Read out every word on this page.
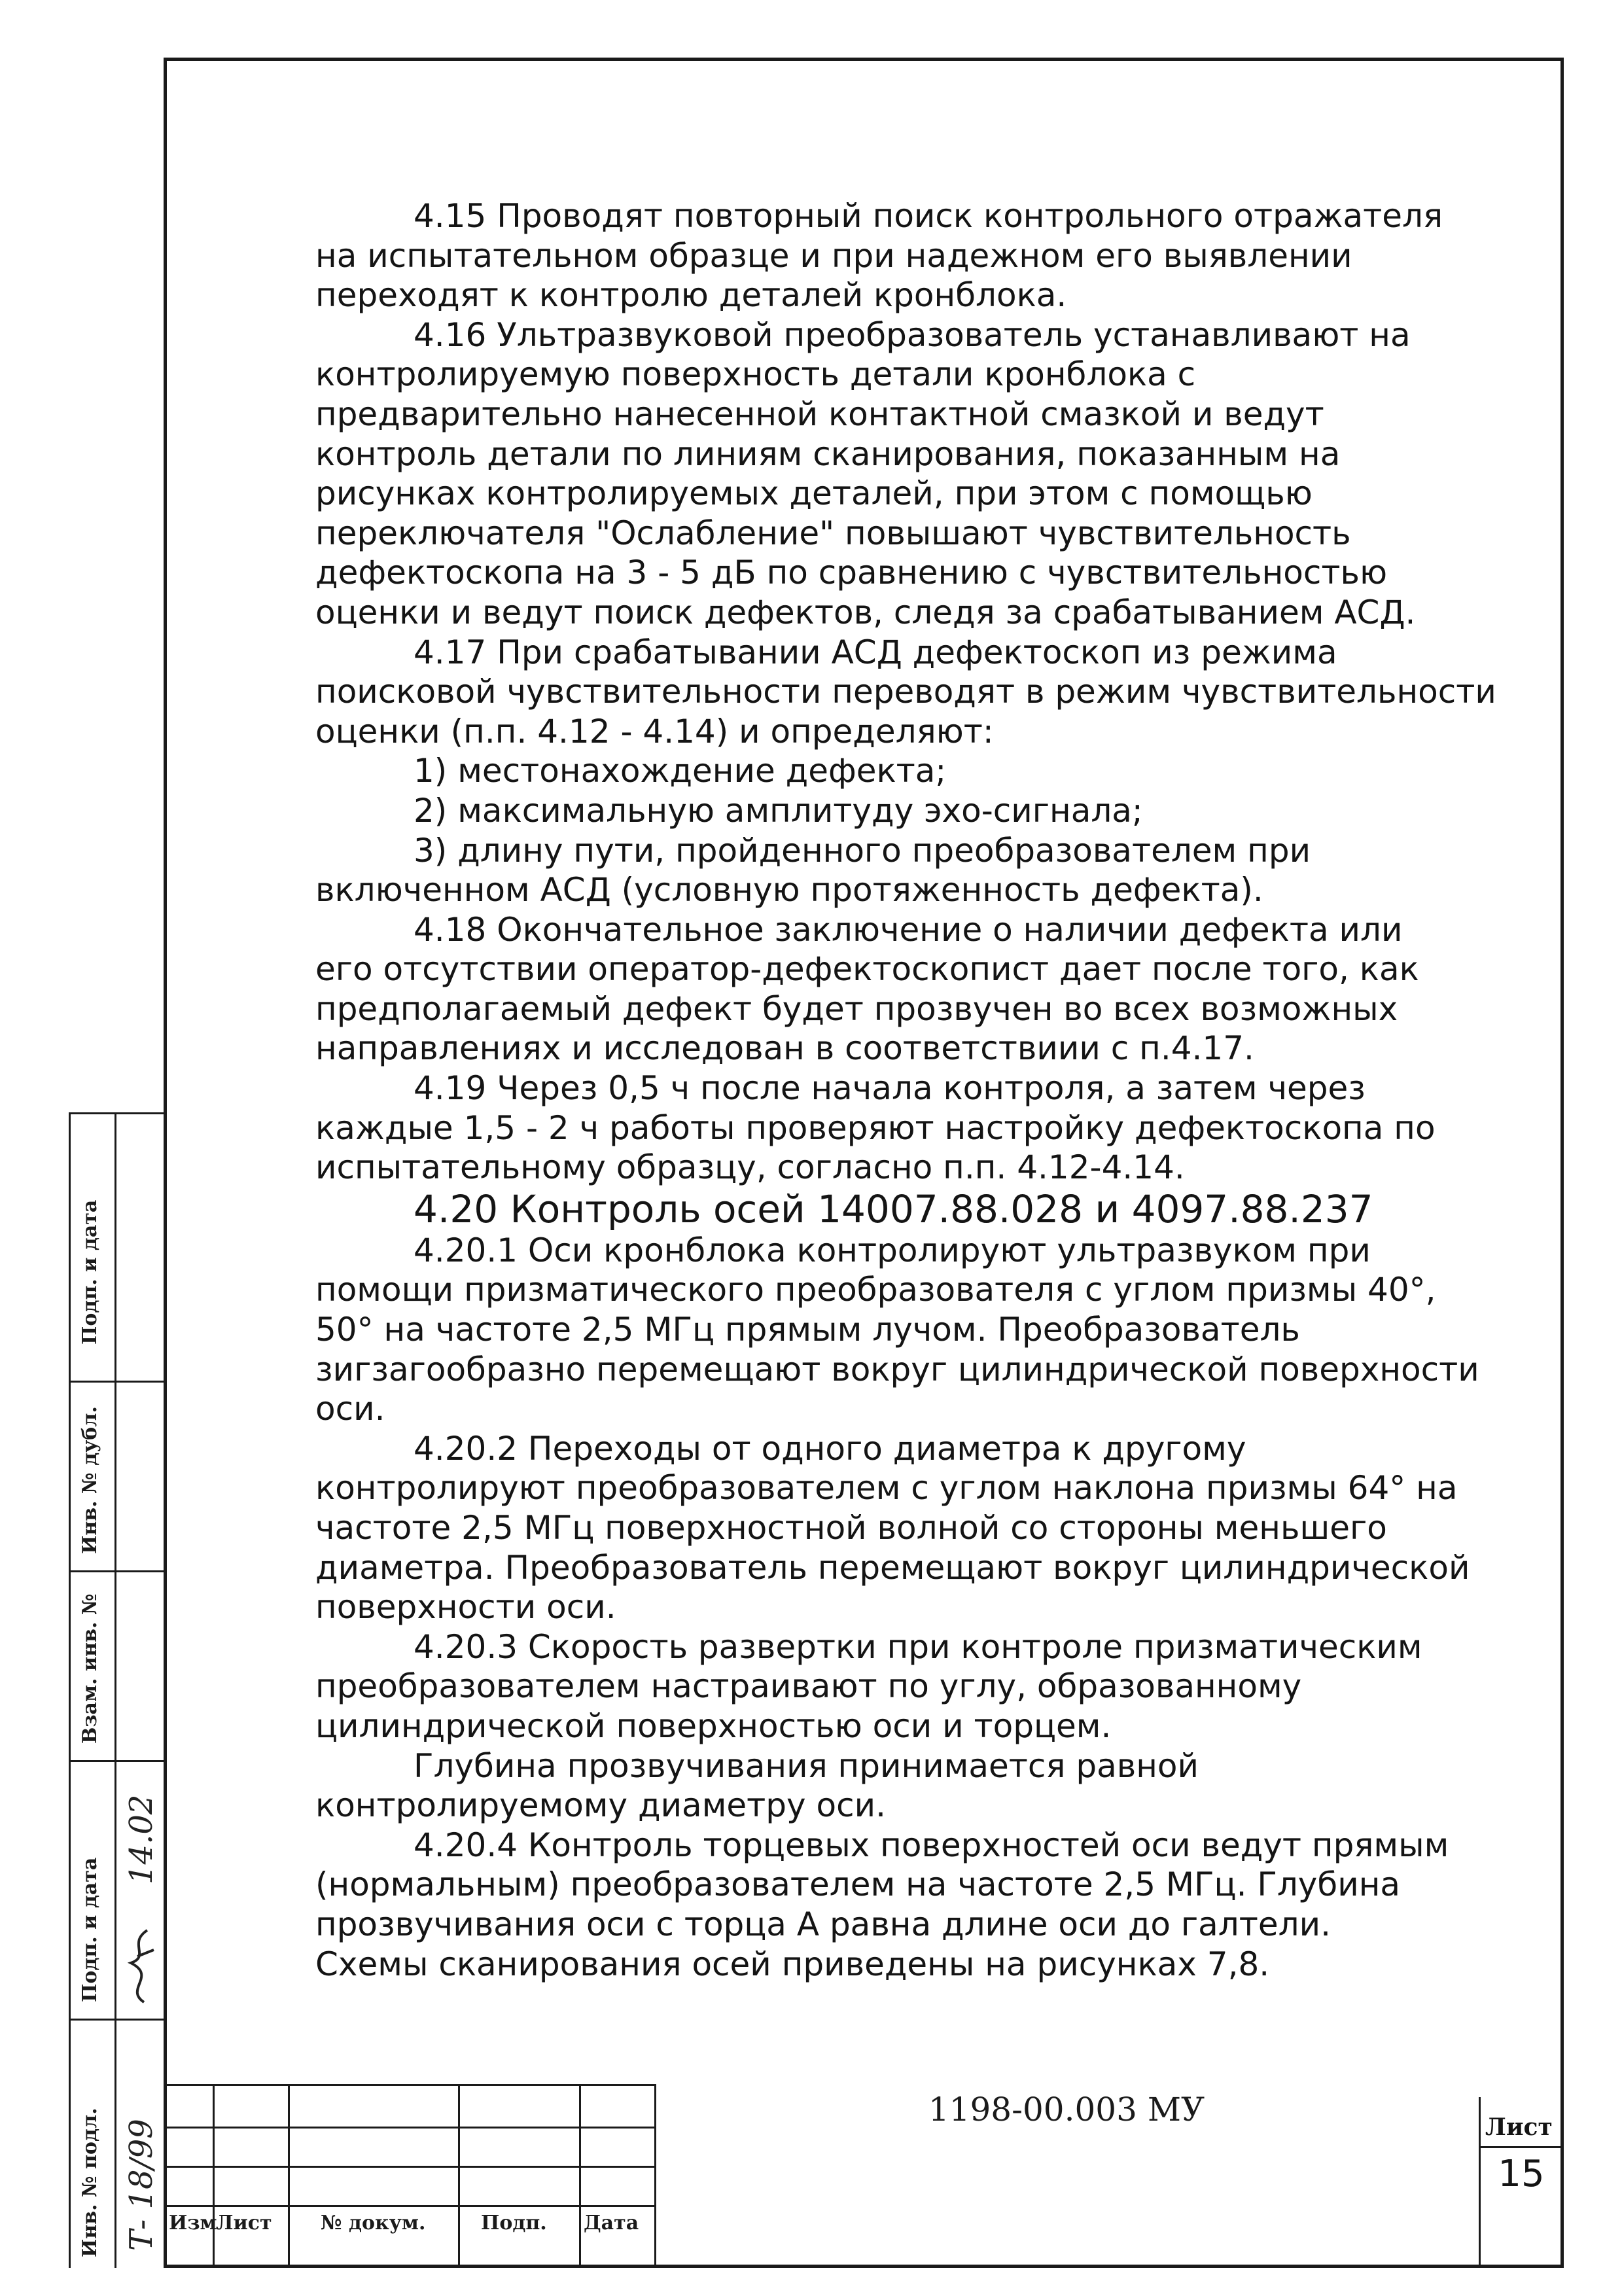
4.15 Проводят повторный поиск контрольного отражателя

на испытательном образце и при надежном его выявлении

переходят к контролю деталей кронблока.

4.16 Ультразвуковой преобразователь устанавливают на

контролируемую поверхность детали кронблока с

предварительно нанесенной контактной смазкой и ведут

контроль детали по линиям сканирования, показанным на

рисунках контролируемых деталей, при этом с помощью

переключателя "Ослабление" повышают чувствительность

дефектоскопа на 3 - 5 дБ по сравнению с чувствительностью

оценки и ведут поиск дефектов, следя за срабатыванием АСД.

4.17 При срабатывании АСД дефектоскоп из режима

поисковой чувствительности переводят в режим чувствительности

оценки (п.п. 4.12 - 4.14) и определяют:

1) местонахождение дефекта;

2) максимальную амплитуду эхо-сигнала;

3) длину пути, пройденного преобразователем при

включенном АСД (условную протяженность дефекта).

4.18 Окончательное заключение о наличии дефекта или

его отсутствии оператор-дефектоскопист дает после того, как

предполагаемый дефект будет прозвучен во всех возможных

направлениях и исследован в соответствиии с п.4.17.

4.19 Через 0,5 ч после начала контроля, а затем через

каждые 1,5 - 2 ч работы проверяют настройку дефектоскопа по

испытательному образцу, согласно п.п. 4.12-4.14.

4.20 Контроль осей 14007.88.028 и 4097.88.237

4.20.1 Оси кронблока контролируют ультразвуком при

помощи призматического преобразователя с углом призмы 40°,

50° на частоте 2,5 МГц прямым лучом. Преобразователь

зигзагообразно перемещают вокруг цилиндрической поверхности

оси.

4.20.2 Переходы от одного диаметра к другому

контролируют преобразователем с углом наклона призмы 64° на

частоте 2,5 МГц поверхностной волной со стороны меньшего

диаметра. Преобразователь перемещают вокруг цилиндрической

поверхности оси.

4.20.3 Скорость развертки при контроле призматическим

преобразователем настраивают по углу, образованному

цилиндрической поверхностью оси и торцем.

Глубина прозвучивания принимается равной

контролируемому диаметру оси.

4.20.4 Контроль торцевых поверхностей оси ведут прямым

(нормальным) преобразователем на частоте 2,5 МГц. Глубина

прозвучивания оси с торца А равна длине оси до галтели.

Схемы сканирования осей приведены на рисунках 7,8.

Подп. и дата
Инв. № дубл.
Взам. инв. №
Подп. и дата
Инв. № подл. Т- 18/99
14.02
Изм
Лист № докум.	Подп. Дата
1198-00.003 МУ	Лист
15
